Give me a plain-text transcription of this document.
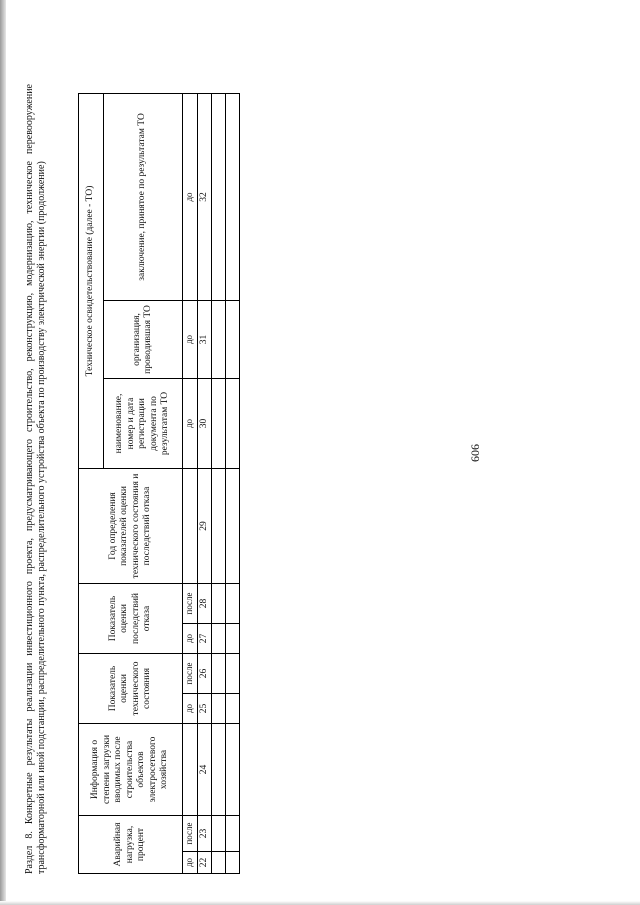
Раздел 8. Конкретные результаты реализации инвестиционного проекта, предусматривающего строительство, реконструкцию, модернизацию, техническое перевооружение трансформаторной или иной подстанции, распределительного пункта, распределительного устройства объекта по производству электрической энергии (продолжение)	Аварийная нагрузка, процент		Информация о степени загрузки вводимых после строительства объектов электросетевого хозяйства	Показатель оценки технического состояния		Показатель оценки последствий отказа		Год определения показателей оценки технического состояния и последствий отказа	Техническое освидетельствование (далее - ТО)		
								наименование, номер и дата регистрации документа по результатам ТО	организация, проводившая ТО	заключение, принятое по результатам ТО
до	после		до	после	до	после		до	до	до
22	23	24	25	26	27	28	29	30	31	32

606
